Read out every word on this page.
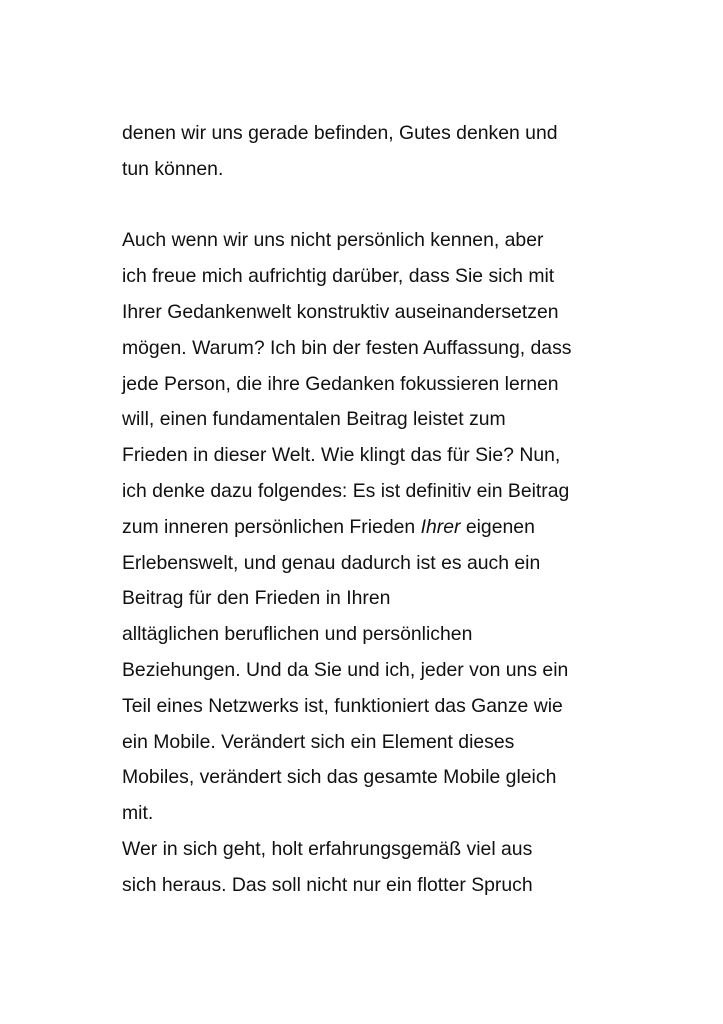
denen wir uns gerade befinden, Gutes denken und
tun können.
Auch wenn wir uns nicht persönlich kennen, aber
ich freue mich aufrichtig darüber, dass Sie sich mit
Ihrer Gedankenwelt konstruktiv auseinandersetzen
mögen. Warum? Ich bin der festen Auffassung, dass
jede Person, die ihre Gedanken fokussieren lernen
will, einen fundamentalen Beitrag leistet zum
Frieden in dieser Welt. Wie klingt das für Sie? Nun,
ich denke dazu folgendes: Es ist definitiv ein Beitrag
zum inneren persönlichen Frieden Ihrer eigenen
Erlebenswelt, und genau dadurch ist es auch ein
Beitrag für den Frieden in Ihren
alltäglichen beruflichen und persönlichen
Beziehungen. Und da Sie und ich, jeder von uns ein
Teil eines Netzwerks ist, funktioniert das Ganze wie
ein Mobile. Verändert sich ein Element dieses
Mobiles, verändert sich das gesamte Mobile gleich
mit.
Wer in sich geht, holt erfahrungsgemäß viel aus
sich heraus. Das soll nicht nur ein flotter Spruch
